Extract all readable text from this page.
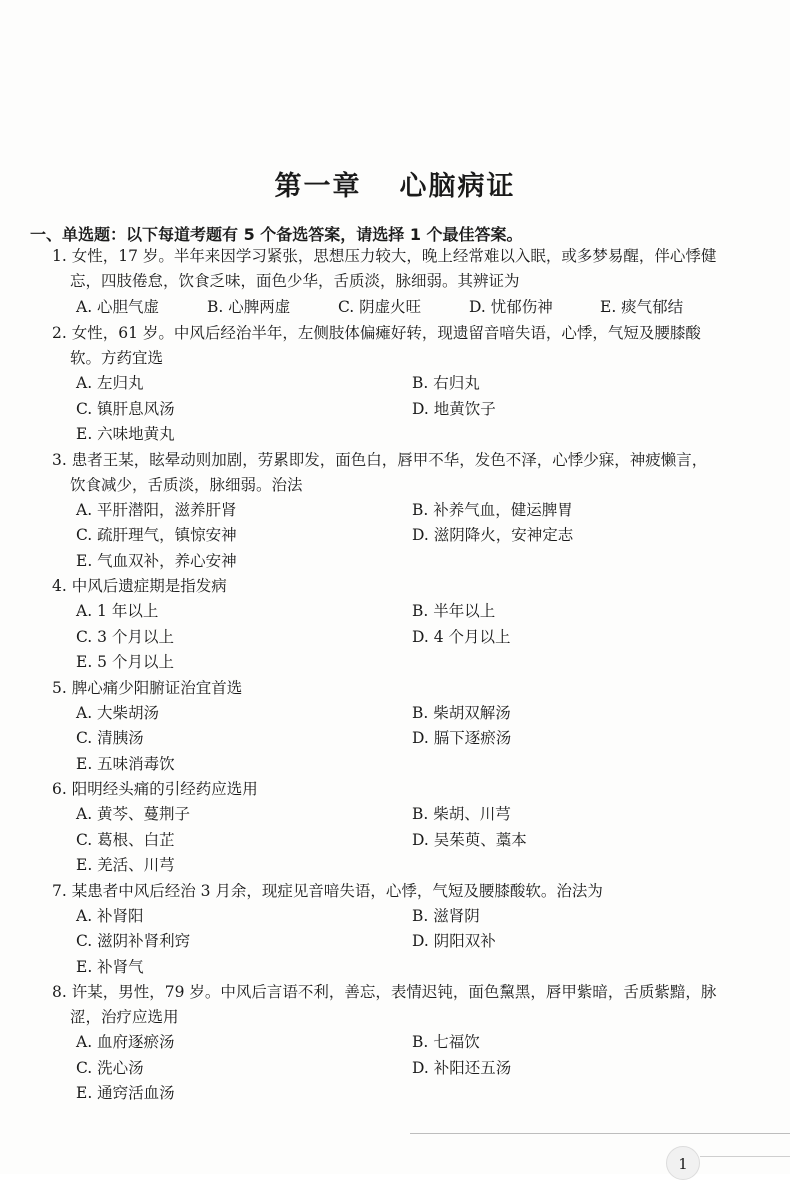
第一章 心脑病证
一、单选题：以下每道考题有 5 个备选答案，请选择 1 个最佳答案。

1. 女性，17 岁。半年来因学习紧张，思想压力较大，晚上经常难以入眠，或多梦易醒，伴心悸健忘，四肢倦怠，饮食乏味，面色少华，舌质淡，脉细弱。其辨证为

A. 心胆气虚	B. 心脾两虚	C. 阴虚火旺	D. 忧郁伤神	E. 痰气郁结

2. 女性，61 岁。中风后经治半年，左侧肢体偏瘫好转，现遗留音喑失语，心悸，气短及腰膝酸软。方药宜选

A. 左归丸	B. 右归丸
C. 镇肝息风汤	D. 地黄饮子
E. 六味地黄丸

3. 患者王某，眩晕动则加剧，劳累即发，面色白，唇甲不华，发色不泽，心悸少寐，神疲懒言，饮食减少，舌质淡，脉细弱。治法

A. 平肝潜阳，滋养肝肾	B. 补养气血，健运脾胃
C. 疏肝理气，镇惊安神	D. 滋阴降火，安神定志
E. 气血双补，养心安神

4. 中风后遗症期是指发病

A. 1 年以上	B. 半年以上
C. 3 个月以上	D. 4 个月以上
E. 5 个月以上

5. 脾心痛少阳腑证治宜首选

A. 大柴胡汤	B. 柴胡双解汤
C. 清胰汤	D. 膈下逐瘀汤
E. 五味消毒饮

6. 阳明经头痛的引经药应选用

A. 黄芩、蔓荆子	B. 柴胡、川芎
C. 葛根、白芷	D. 吴茱萸、藁本
E. 羌活、川芎

7. 某患者中风后经治 3 月余，现症见音喑失语，心悸，气短及腰膝酸软。治法为

A. 补肾阳	B. 滋肾阴
C. 滋阴补肾利窍	D. 阴阳双补
E. 补肾气

8. 许某，男性，79 岁。中风后言语不利，善忘，表情迟钝，面色黧黑，唇甲紫暗，舌质紫黯，脉涩，治疗应选用

A. 血府逐瘀汤	B. 七福饮
C. 洗心汤	D. 补阳还五汤
E. 通窍活血汤
1
